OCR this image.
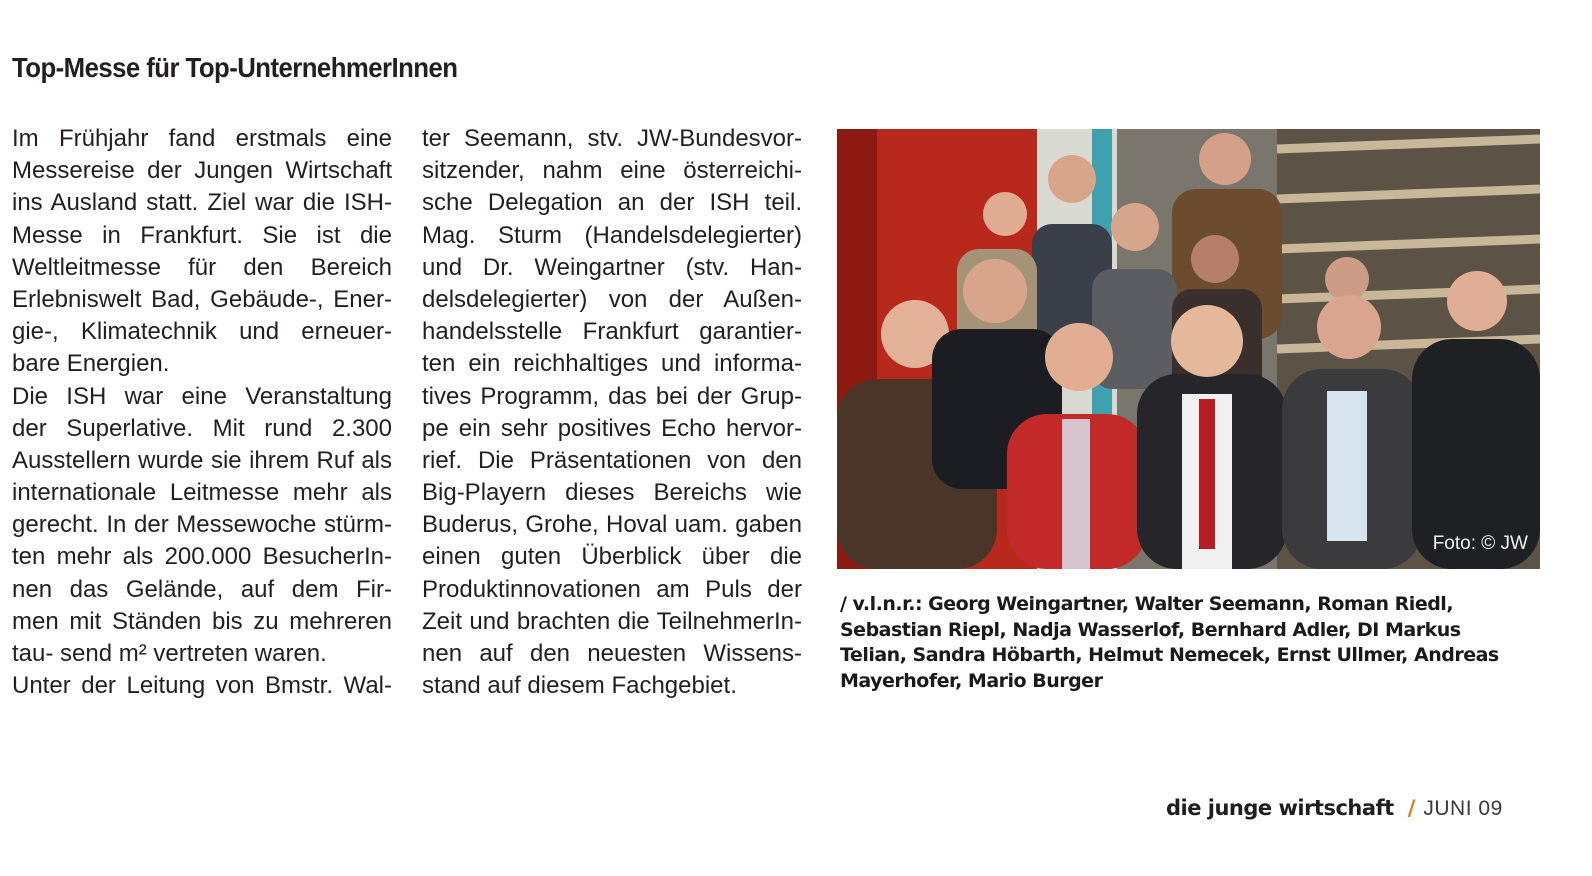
Top-Messe für Top-UnternehmerInnen
Im Frühjahr fand erstmals eine
Messereise der Jungen Wirtschaft
ins Ausland statt. Ziel war die ISH-
Messe in Frankfurt. Sie ist die
Weltleitmesse für den Bereich
Erlebniswelt Bad, Gebäude-, Ener-
gie-, Klimatechnik und erneuer-
bare Energien.
Die ISH war eine Veranstaltung
der Superlative. Mit rund 2.300
Ausstellern wurde sie ihrem Ruf als
internationale Leitmesse mehr als
gerecht. In der Messewoche stürm-
ten mehr als 200.000 BesucherIn-
nen das Gelände, auf dem Fir-
men mit Ständen bis zu mehreren
tau- send m² vertreten waren.
Unter der Leitung von Bmstr. Wal-
ter Seemann, stv. JW-Bundesvor-
sitzender, nahm eine österreichi-
sche Delegation an der ISH teil.
Mag. Sturm (Handelsdelegierter)
und Dr. Weingartner (stv. Han-
delsdelegierter) von der Außen-
handelsstelle Frankfurt garantier-
ten ein reichhaltiges und informa-
tives Programm, das bei der Grup-
pe ein sehr positives Echo hervor-
rief. Die Präsentationen von den
Big-Playern dieses Bereichs wie
Buderus, Grohe, Hoval uam. gaben
einen guten Überblick über die
Produktinnovationen am Puls der
Zeit und brachten die TeilnehmerIn-
nen auf den neuesten Wissens-
stand auf diesem Fachgebiet.
Foto: © JW
/ v.l.n.r.: Georg Weingartner, Walter Seemann, Roman Riedl,
Sebastian Riepl, Nadja Wasserlof, Bernhard Adler, DI Markus
Telian, Sandra Höbarth, Helmut Nemecek, Ernst Ullmer, Andreas
Mayerhofer, Mario Burger
die junge wirtschaft / JUNI 09
